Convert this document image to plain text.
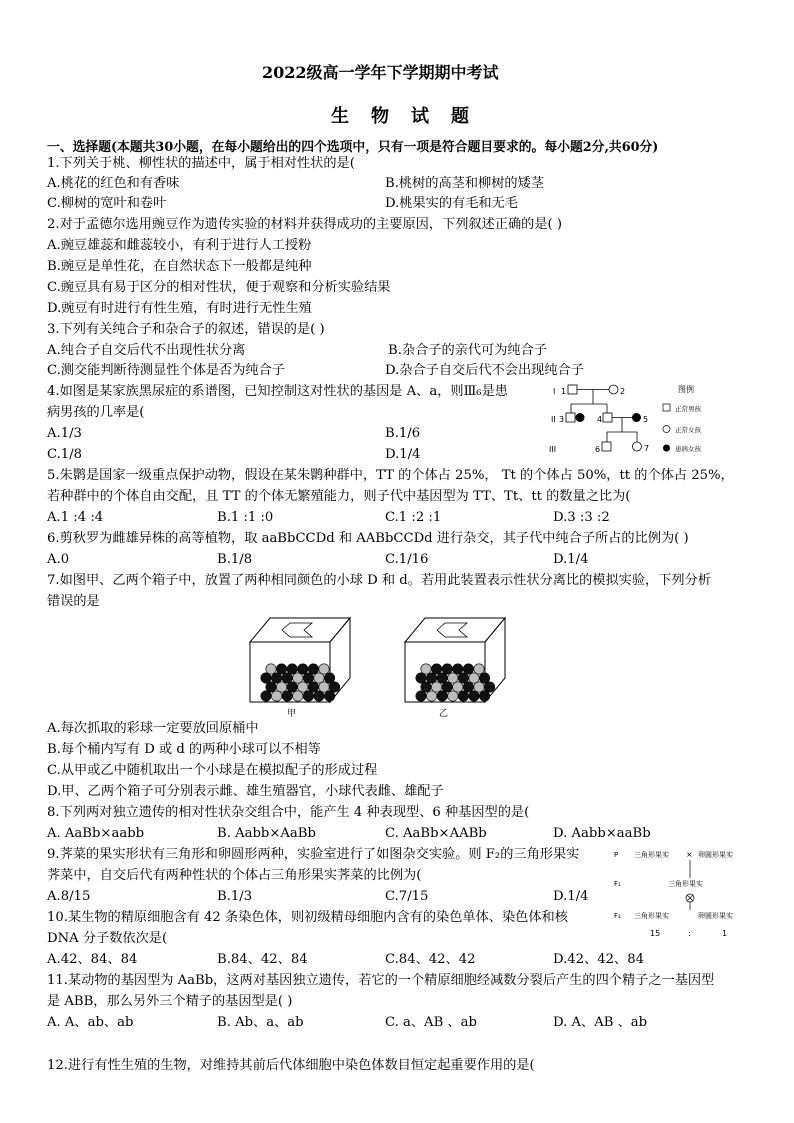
2022级高一学年下学期期中考试
生物试题
一、选择题(本题共30小题，在每小题给出的四个选项中，只有一项是符合题目要求的。每小题2分,共60分)
1.下列关于桃、柳性状的描述中，属于相对性状的是(
A.桃花的红色和有香味	B.桃树的高茎和柳树的矮茎
C.柳树的宽叶和卷叶	D.桃果实的有毛和无毛
2.对于孟德尔选用豌豆作为遗传实验的材料并获得成功的主要原因，下列叙述正确的是( )
A.豌豆雄蕊和雌蕊较小，有利于进行人工授粉
B.豌豆是单性花，在自然状态下一般都是纯种
C.豌豆具有易于区分的相对性状，便于观察和分析实验结果
D.豌豆有时进行有性生殖，有时进行无性生殖
3.下列有关纯合子和杂合子的叙述，错误的是( )
A.纯合子自交后代不出现性状分离	B.杂合子的亲代可为纯合子
C.测交能判断待测显性个体是否为纯合子	D.杂合子自交后代不会出现纯合子
4.如图是某家族黑尿症的系谱图，已知控制这对性状的基因是 A、a，则Ⅲ₆是患
病男孩的几率是(
A.1/3	B.1/6
C.1/8	D.1/4
I
II
III
1	2
3	4	5
6	7
图例
正常男孩
正常女孩
患病女孩
5.朱鹮是国家一级重点保护动物，假设在某朱鹮种群中，TT 的个体占 25%， Tt 的个体占 50%，tt 的个体占 25%，
若种群中的个体自由交配，且 TT 的个体无繁殖能力，则子代中基因型为 TT、Tt、tt 的数量之比为(
A.1 :4 :4	B.1 :1 :0	C.1 :2 :1	D.3 :3 :2
6.剪秋罗为雌雄异株的高等植物，取 aaBbCCDd 和 AABbCCDd 进行杂交，其子代中纯合子所占的比例为( )
A.0	B.1/8	C.1/16	D.1/4
7.如图甲、乙两个箱子中，放置了两种相同颜色的小球 D 和 d。若用此装置表示性状分离比的模拟实验，下列分析
错误的是
甲	乙
A.每次抓取的彩球一定要放回原桶中
B.每个桶内写有 D 或 d 的两种小球可以不相等
C.从甲或乙中随机取出一个小球是在模拟配子的形成过程
D.甲、乙两个箱子可分别表示雌、雄生殖器官，小球代表雌、雄配子
8.下列两对独立遗传的相对性状杂交组合中，能产生 4 种表现型、6 种基因型的是(
A. AaBb×aabb	B. Aabb×AaBb	C. AaBb×AABb	D. Aabb×aaBb
9.荠菜的果实形状有三角形和卵圆形两种，实验室进行了如图杂交实验。则 F₂的三角形果实
荠菜中，自交后代有两种性状的个体占三角形果实荠菜的比例为(
A.8/15	B.1/3	C.7/15	D.1/4
P 三角形果实 × 卵圆形果实
F₁	三角形果实
F₂ 三角形果实	卵圆形果实
15	:	1
10.某生物的精原细胞含有 42 条染色体，则初级精母细胞内含有的染色单体、染色体和核
DNA 分子数依次是(
A.42、84、84	B.84、42、84	C.84、42、42	D.42、42、84
11.某动物的基因型为 AaBb，这两对基因独立遗传，若它的一个精原细胞经减数分裂后产生的四个精子之一基因型
是 ABB，那么另外三个精子的基因型是( )
A. A、ab、ab	B. Ab、a、ab	C. a、AB 、ab	D. A、AB 、ab
12.进行有性生殖的生物，对维持其前后代体细胞中染色体数目恒定起重要作用的是(
